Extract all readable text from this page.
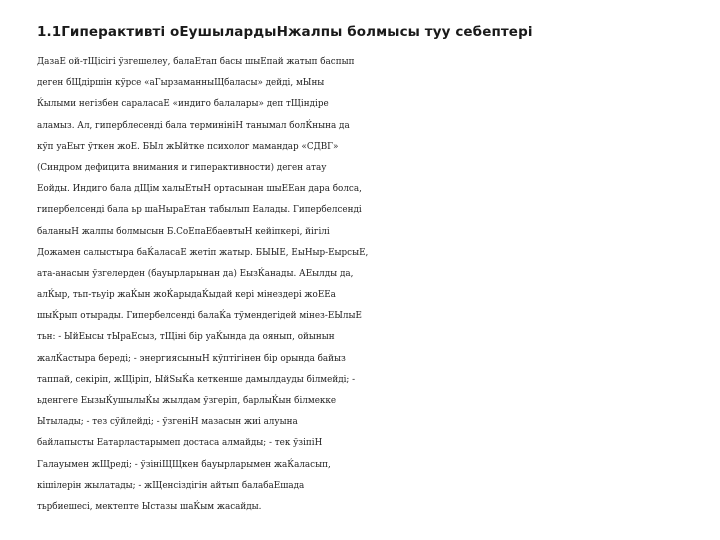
1.1Гиперактивті оЕушылардыНжалпы болмысы туу себептері
ДазаЕ ой-тЩісігі ўзгешелеу, балаЕтап басы шыЕпай жатып баспып
деген бЩдіршін кўрсе «аГырзаманныЩбаласы» дейді, мЫны
Ќылыми негізбен сараласаЕ «индиго балалары» деп тЩіндіре
аламыз. Ал, гиперблесенді бала терминініН танымал болЌнына да
кўп уаЕыт ўткен жоЕ. БЫл жЫйтке психолог мамандар «СДВГ»
(Синдром дефицита внимания и гиперактивности) деген атау
Еойды. Индиго бала дЩім халыЕтыН ортасынан шыЕЕан дара болса,
гипербелсенді бала ьр шаНыраЕтан табылып Еалады. Гипербелсенді
баланыН жалпы болмысын Б.СоЕпаЕбаевтыН кейіпкері, йігілі
Дожамен салыстыра баЌаласаЕ жетіп жатыр. БЫЫЕ, ЕыНыр-ЕырсыЕ,
ата-анасын ўзгелерден (бауырларынан да) ЕызЌанады. АЕылды да,
алЌыр, тьп-тьуір жаЌын жоЌарыдаЌыдай кері мінездері жоЕЕа
шыЌрып отырады. Гипербелсенді балаЌа тўмендегідей мінез-ЕЫлыЕ
тьн: - ЫйЕысы тЫраЕсыз, тЩіні бір уаЌында да оянып, ойынын
жалЌастыра береді; - энергиясыныН кўптігінен бір орында байыз
таппай, секіріп, жЩіріп, ЫйЅыЌа кеткенше дамылдауды білмейді; -
ьденгеге ЕызыЌушылыЌы жылдам ўзгеріп, барлыЌын білмекке
Ытылады; - тез сўйлейді; - ўзгеніН мазасын жиі алуына
байлапысты Еатарластарымеп достаса алмайды; - тек ўзіпіН
Галауымен жЩреді; - ўзініЩЩкен бауырларымен жаЌаласып,
кішілерін жылатады; - жЩенсіздігін айтып балабаЕшада
тьрбиешесі, мектепте Ыстазы шаЌым жасайды.
